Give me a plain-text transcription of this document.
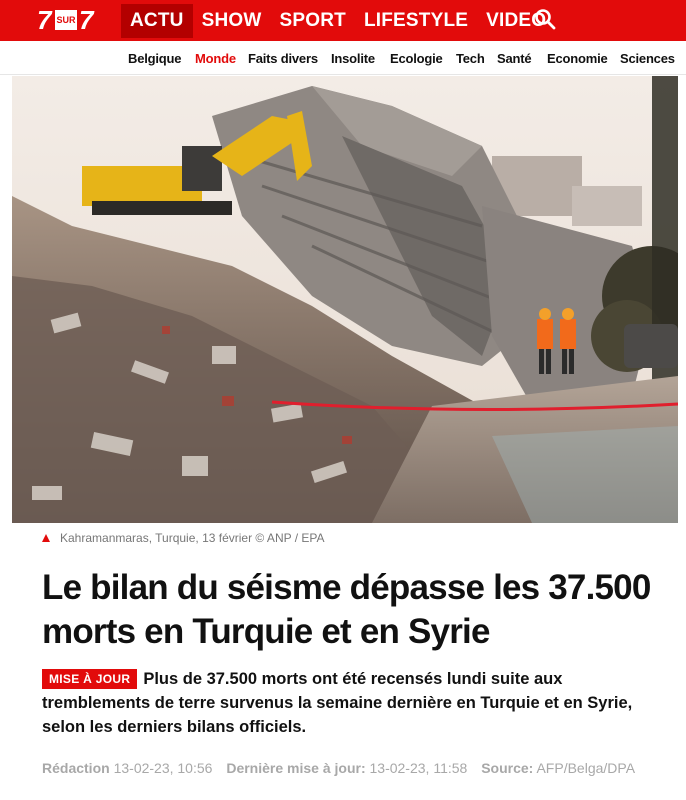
7 SUR 7	ACTU SHOW SPORT LIFESTYLE VIDEO
Belgique Monde Faits divers Insolite Ecologie Tech Santé Economie Sciences
Kahramanmaras, Turquie, 13 février © ANP / EPA
Le bilan du séisme dépasse les 37.500 morts en Turquie et en Syrie

MISE À JOUR Plus de 37.500 morts ont été recensés lundi suite aux tremblements de terre survenus la semaine dernière en Turquie et en Syrie, selon les derniers bilans officiels.

Rédaction 13-02-23, 10:56 Dernière mise à jour: 13-02-23, 11:58 Source: AFP/Belga/DPA
